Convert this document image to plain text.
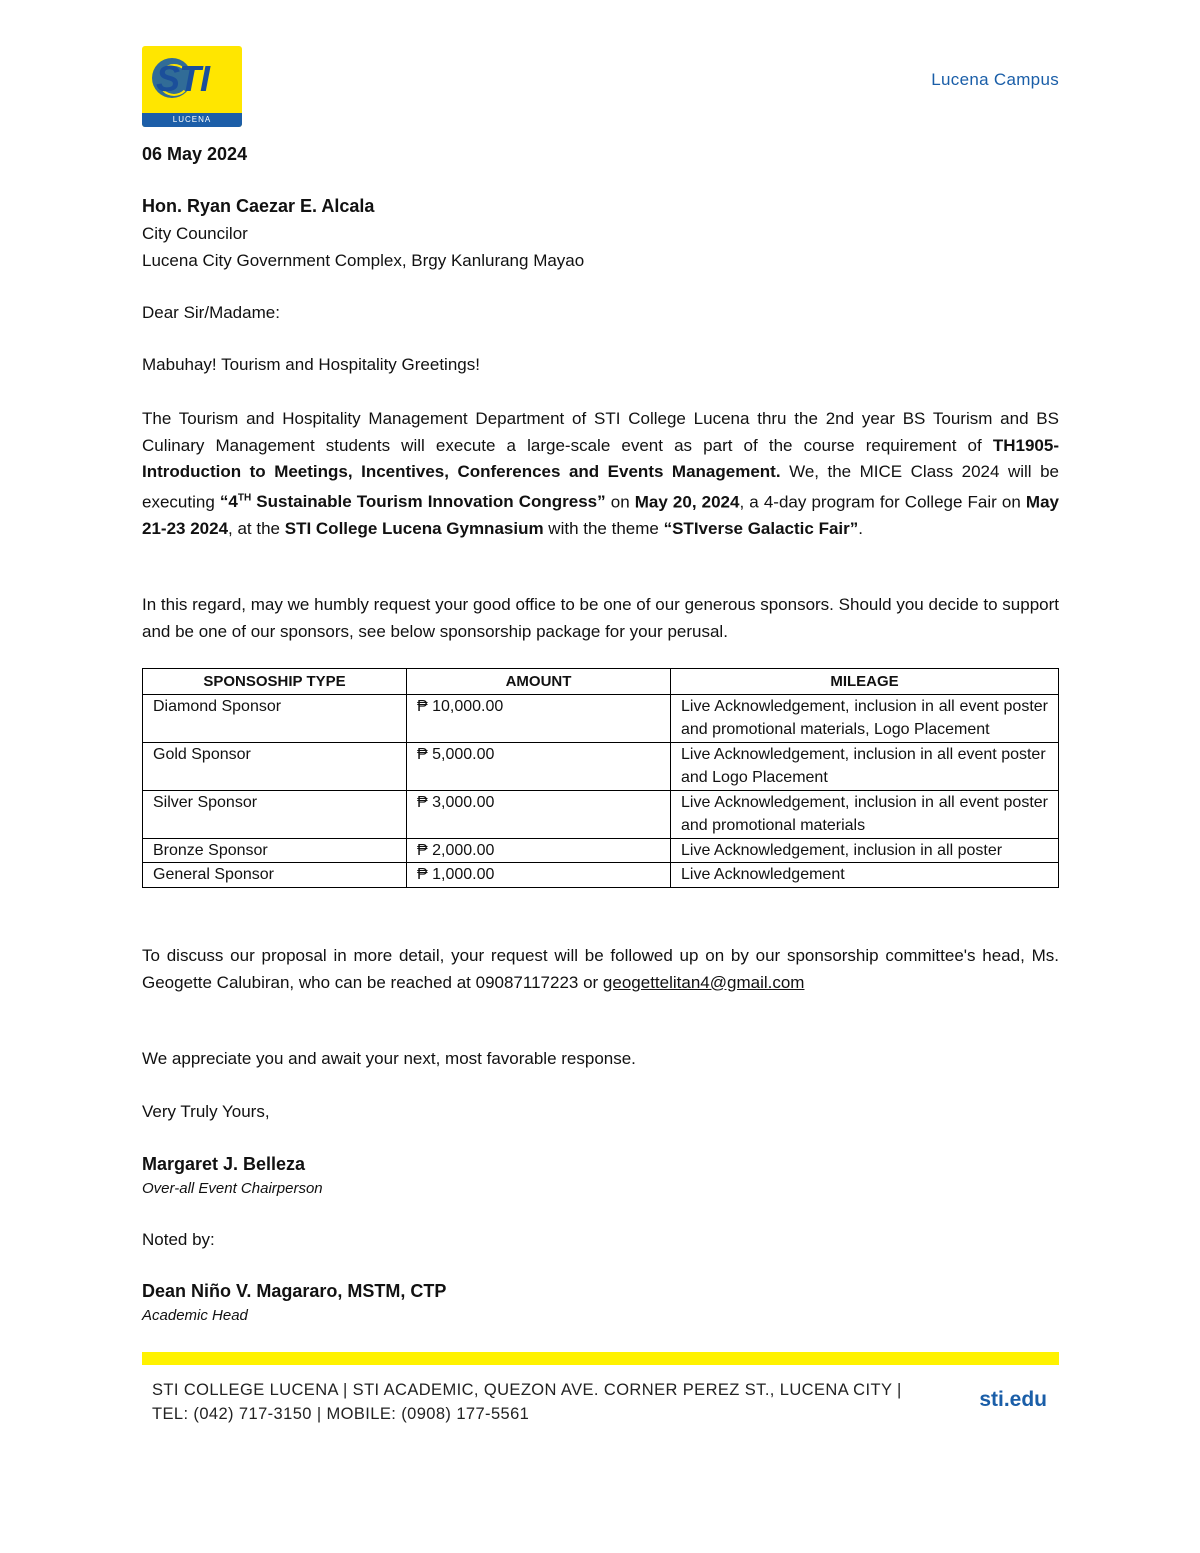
STI
LUCENA
Lucena Campus
06 May 2024
Hon. Ryan Caezar E. Alcala
City Councilor
Lucena City Government Complex, Brgy Kanlurang Mayao
Dear Sir/Madame:
Mabuhay! Tourism and Hospitality Greetings!
The Tourism and Hospitality Management Department of STI College Lucena thru the 2nd year BS Tourism and BS Culinary Management students will execute a large-scale event as part of the course requirement of TH1905-Introduction to Meetings, Incentives, Conferences and Events Management. We, the MICE Class 2024 will be executing “4TH Sustainable Tourism Innovation Congress” on May 20, 2024, a 4-day program for College Fair on May 21-23 2024, at the STI College Lucena Gymnasium with the theme “STIverse Galactic Fair”.
In this regard, may we humbly request your good office to be one of our generous sponsors. Should you decide to support and be one of our sponsors, see below sponsorship package for your perusal.
SPONSOSHIP TYPE	AMOUNT	MILEAGE
Diamond Sponsor	₱ 10,000.00	Live Acknowledgement, inclusion in all event poster and promotional materials, Logo Placement
Gold Sponsor	₱ 5,000.00	Live Acknowledgement, inclusion in all event poster and Logo Placement
Silver Sponsor	₱ 3,000.00	Live Acknowledgement, inclusion in all event poster and promotional materials
Bronze Sponsor	₱ 2,000.00	Live Acknowledgement, inclusion in all poster
General Sponsor	₱ 1,000.00	Live Acknowledgement
To discuss our proposal in more detail, your request will be followed up on by our sponsorship committee's head, Ms. Geogette Calubiran, who can be reached at 09087117223 or geogettelitan4@gmail.com
We appreciate you and await your next, most favorable response.
Very Truly Yours,
Margaret J. Belleza
Over-all Event Chairperson
Noted by:
Dean Niño V. Magararo, MSTM, CTP
Academic Head
STI COLLEGE LUCENA | STI ACADEMIC, QUEZON AVE. CORNER PEREZ ST., LUCENA CITY |
TEL: (042) 717-3150 | MOBILE: (0908) 177-5561
sti.edu
